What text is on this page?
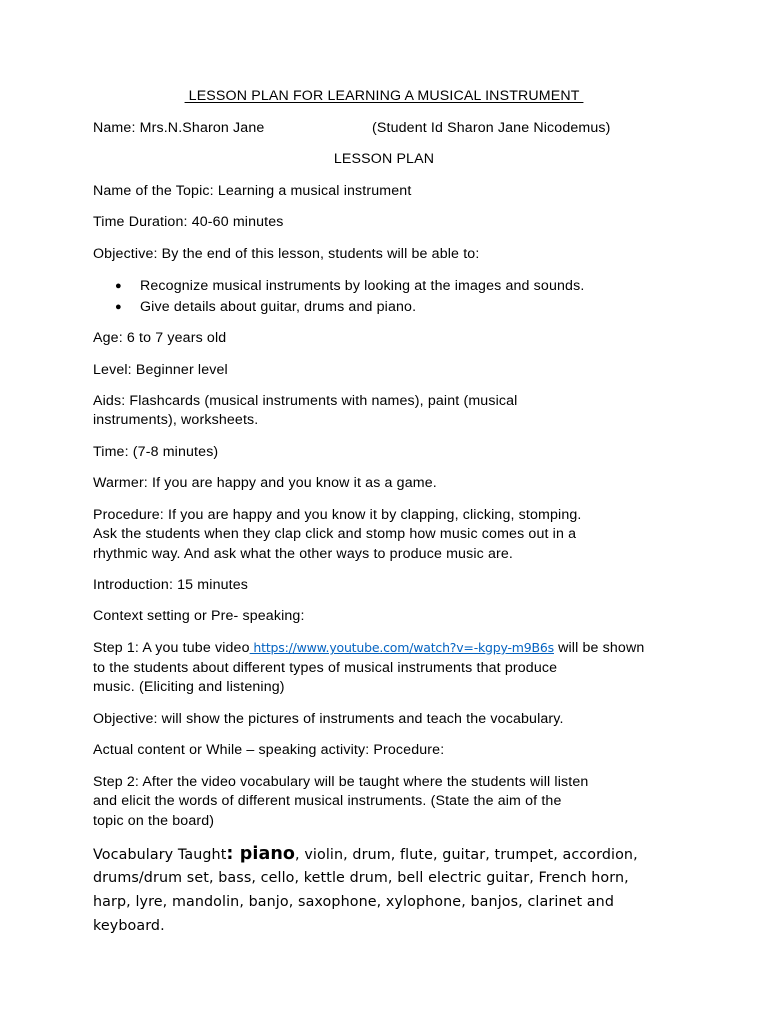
LESSON PLAN FOR LEARNING A MUSICAL INSTRUMENT

Name: Mrs.N.Sharon Jane	(Student Id Sharon Jane Nicodemus)

LESSON PLAN

Name of the Topic: Learning a musical instrument

Time Duration: 40-60 minutes

Objective: By the end of this lesson, students will be able to:

● Recognize musical instruments by looking at the images and sounds.

● Give details about guitar, drums and piano.

Age: 6 to 7 years old

Level: Beginner level

Aids: Flashcards (musical instruments with names), paint (musical

instruments), worksheets.

Time: (7-8 minutes)

Warmer: If you are happy and you know it as a game.

Procedure: If you are happy and you know it by clapping, clicking, stomping.

Ask the students when they clap click and stomp how music comes out in a

rhythmic way. And ask what the other ways to produce music are.

Introduction: 15 minutes

Context setting or Pre- speaking:

Step 1: A you tube video https://www.youtube.com/watch?v=-kgpy-m9B6s will be shown

to the students about different types of musical instruments that produce

music. (Eliciting and listening)

Objective: will show the pictures of instruments and teach the vocabulary.

Actual content or While – speaking activity: Procedure:

Step 2: After the video vocabulary will be taught where the students will listen

and elicit the words of different musical instruments. (State the aim of the

topic on the board)

Vocabulary Taught: piano, violin, drum, flute, guitar, trumpet, accordion,

drums/drum set, bass, cello, kettle drum, bell electric guitar, French horn,

harp, lyre, mandolin, banjo, saxophone, xylophone, banjos, clarinet and

keyboard.
